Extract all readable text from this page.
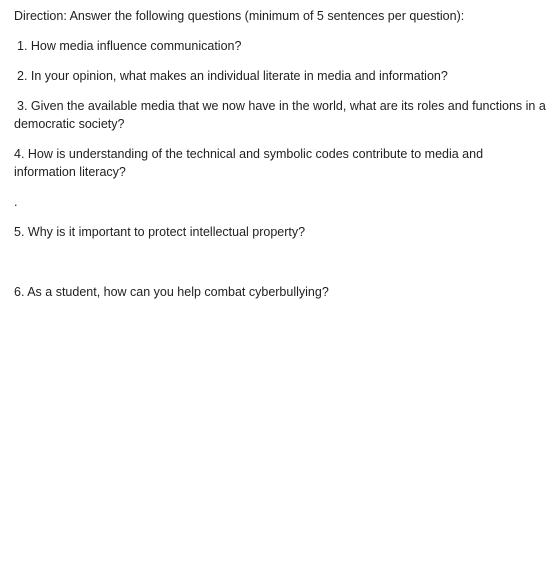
Direction: Answer the following questions (minimum of 5 sentences per question):
1. How media influence communication?
2. In your opinion, what makes an individual literate in media and information?
3. Given the available media that we now have in the world, what are its roles and functions in a
democratic society?
4. How is understanding of the technical and symbolic codes contribute to media and
information literacy?
.
5. Why is it important to protect intellectual property?
6. As a student, how can you help combat cyberbullying?
